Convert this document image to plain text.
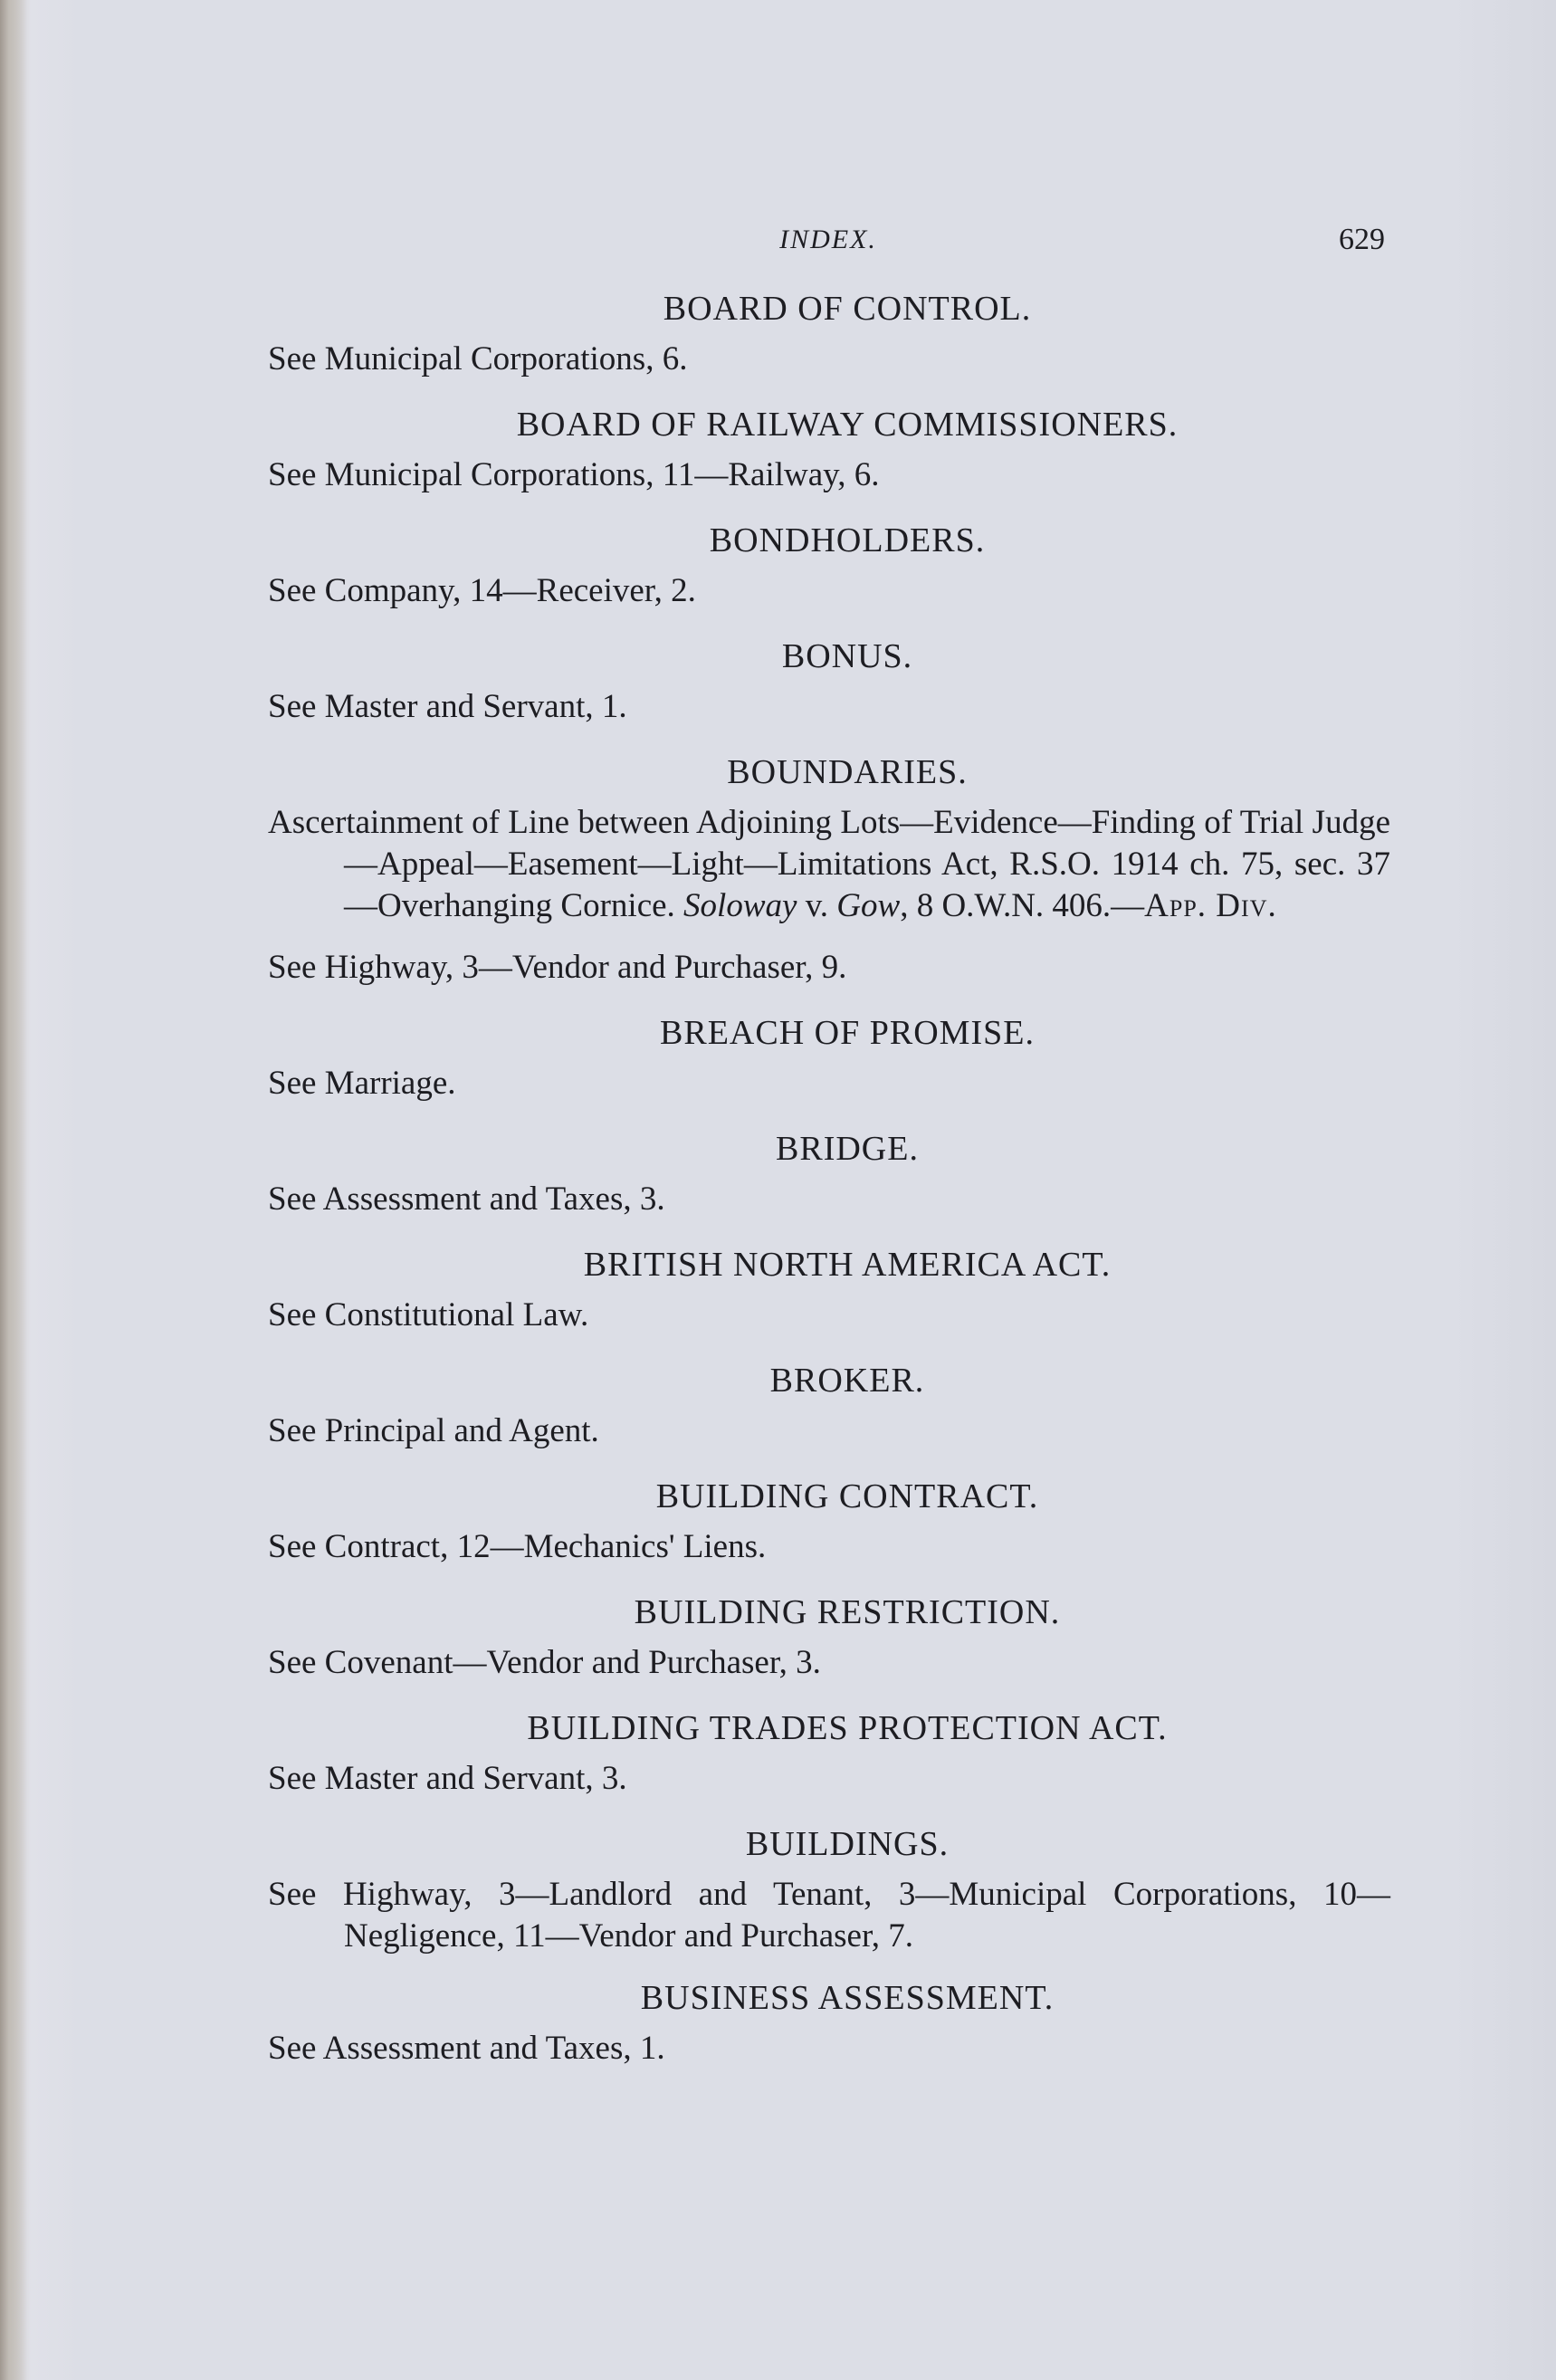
INDEX.	629
BOARD OF CONTROL.
See Municipal Corporations, 6.
BOARD OF RAILWAY COMMISSIONERS.
See Municipal Corporations, 11—Railway, 6.
BONDHOLDERS.
See Company, 14—Receiver, 2.
BONUS.
See Master and Servant, 1.
BOUNDARIES.
Ascertainment of Line between Adjoining Lots—Evidence—Finding of Trial Judge—Appeal—Easement—Light—Limitations Act, R.S.O. 1914 ch. 75, sec. 37—Overhanging Cornice. Soloway v. Gow, 8 O.W.N. 406.—App. Div.
See Highway, 3—Vendor and Purchaser, 9.
BREACH OF PROMISE.
See Marriage.
BRIDGE.
See Assessment and Taxes, 3.
BRITISH NORTH AMERICA ACT.
See Constitutional Law.
BROKER.
See Principal and Agent.
BUILDING CONTRACT.
See Contract, 12—Mechanics' Liens.
BUILDING RESTRICTION.
See Covenant—Vendor and Purchaser, 3.
BUILDING TRADES PROTECTION ACT.
See Master and Servant, 3.
BUILDINGS.
See Highway, 3—Landlord and Tenant, 3—Municipal Corporations, 10—Negligence, 11—Vendor and Purchaser, 7.
BUSINESS ASSESSMENT.
See Assessment and Taxes, 1.
